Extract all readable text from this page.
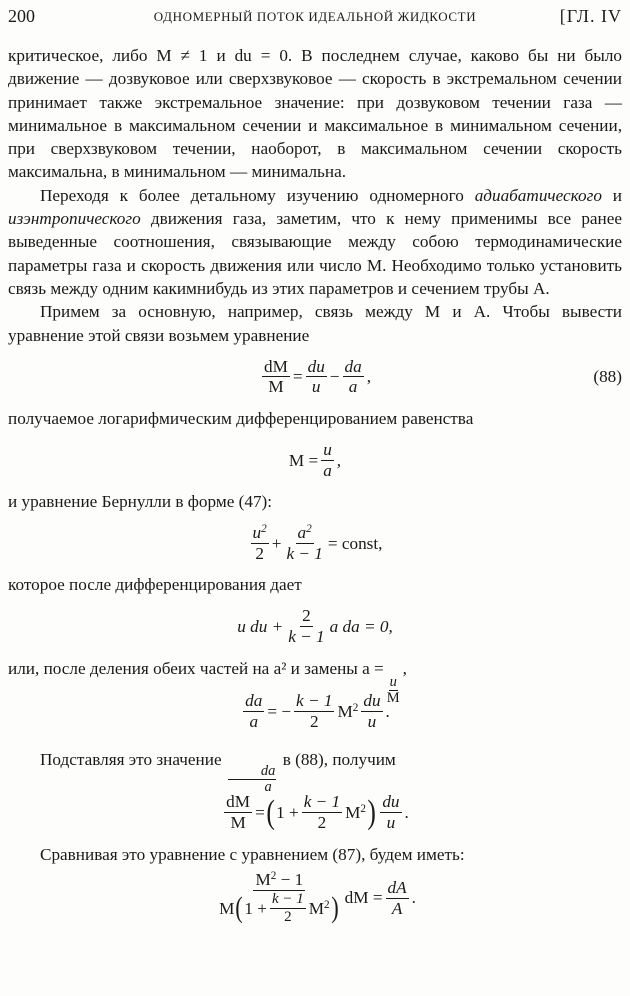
200	ОДНОМЕРНЫЙ ПОТОК ИДЕАЛЬНОЙ ЖИДКОСТИ	[ГЛ. IV

критическое, либо M ≠ 1 и du = 0. В последнем случае, каково бы ни было движение — дозвуковое или сверхзвуковое — скорость в экстремальном сечении принимает также экстремальное значение: при дозвуковом течении газа — минимальное в максимальном сечении и максимальное в минимальном сечении, при сверхзвуковом течении, наоборот, в максимальном сечении скорость максимальна, в минимальном — минимальна.

Переходя к более детальному изучению одномерного адиабатического и изэнтропического движения газа, заметим, что к нему применимы все ранее выведенные соотношения, связывающие между собою термодинамические параметры газа и скорость движения или число M. Необходимо только установить связь между одним какимнибудь из этих параметров и сечением трубы A.

Примем за основную, например, связь между M и A. Чтобы вывести уравнение этой связи возьмем уравнение

$\frac{dM}{M} = \frac{du}{u} - \frac{da}{a}$ ,	(88)

получаемое логарифмическим дифференцированием равенства

M
= $\frac{u}{a}$ ,

и уравнение Бернулли в форме (47):

$\frac{u^2}{2} + \frac{a^2}{k - 1}$ =
const,

которое после дифференцирования дает

u du + $\frac{2}{k - 1}$ a da = 0,

или, после деления обеих частей на a² и замены a =
$\frac{u}{M}$
,

$\frac{da}{a}$ =
− $\frac{k - 1}{2} M^2 \frac{du}{u}$ .

Подставляя это значение
$\frac{da}{a}$
в (88), получим

$\frac{dM}{M}$ = ( $1 + \frac{k - 1}{2} M^2$ ) $\frac{du}{u}$ .

Сравнивая это уравнение с уравнением (87), будем иметь:

$\frac{M^2 - 1}{M ( 1 + \frac{k - 1}{2} M^2 )}$ dM
= $\frac{dA}{A}$ .
